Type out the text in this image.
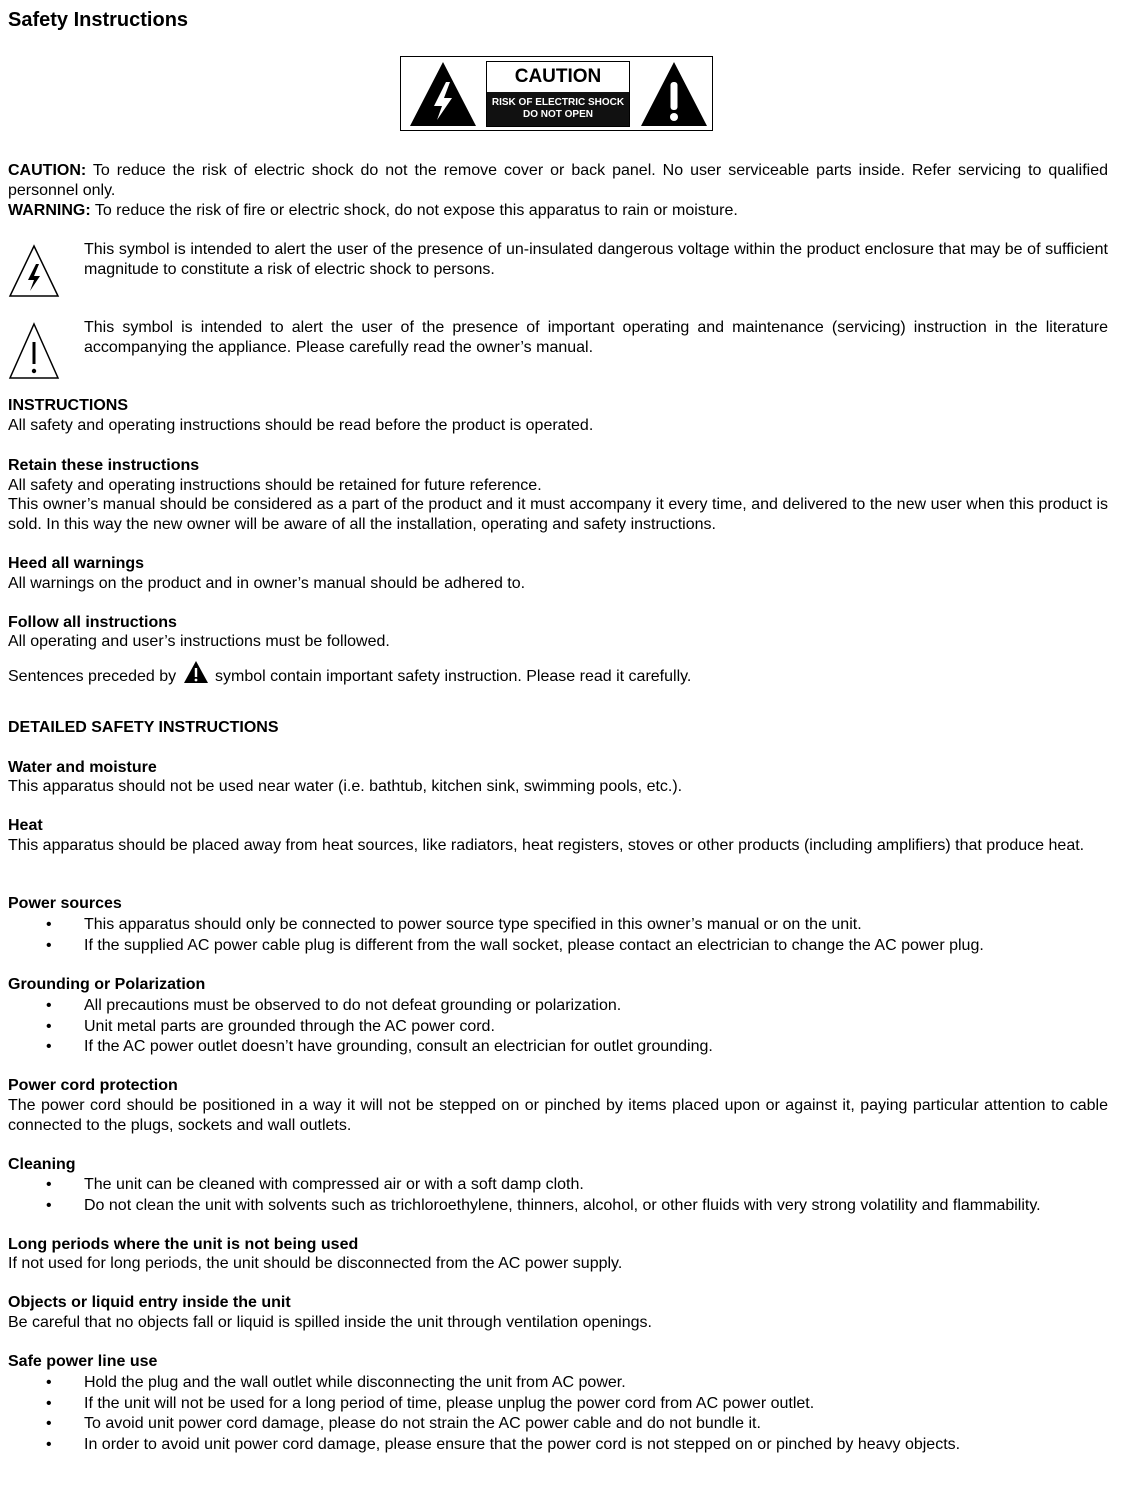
Safety Instructions
CAUTION
RISK OF ELECTRIC SHOCK
DO NOT OPEN
CAUTION: To reduce the risk of electric shock do not the remove cover or back panel. No user serviceable parts inside. Refer servicing to qualified personnel only.
WARNING: To reduce the risk of fire or electric shock, do not expose this apparatus to rain or moisture.
This symbol is intended to alert the user of the presence of un-insulated dangerous voltage within the product enclosure that may be of sufficient magnitude to constitute a risk of electric shock to persons.
This symbol is intended to alert the user of the presence of important operating and maintenance (servicing) instruction in the literature accompanying the appliance. Please carefully read the owner’s manual.
INSTRUCTIONS
All safety and operating instructions should be read before the product is operated.
Retain these instructions
All safety and operating instructions should be retained for future reference.
This owner’s manual should be considered as a part of the product and it must accompany it every time, and delivered to the new user when this product is sold. In this way the new owner will be aware of all the installation, operating and safety instructions.
Heed all warnings
All warnings on the product and in owner’s manual should be adhered to.
Follow all instructions
All operating and user’s instructions must be followed.
Sentences preceded by  symbol contain important safety instruction. Please read it carefully.
DETAILED SAFETY INSTRUCTIONS
Water and moisture
This apparatus should not be used near water (i.e. bathtub, kitchen sink, swimming pools, etc.).
Heat
This apparatus should be placed away from heat sources, like radiators, heat registers, stoves or other products (including amplifiers) that produce heat.
Power sources
• This apparatus should only be connected to power source type specified in this owner’s manual or on the unit.
• If the supplied AC power cable plug is different from the wall socket, please contact an electrician to change the AC power plug.
Grounding or Polarization
• All precautions must be observed to do not defeat grounding or polarization.
• Unit metal parts are grounded through the AC power cord.
• If the AC power outlet doesn’t have grounding, consult an electrician for outlet grounding.
Power cord protection
The power cord should be positioned in a way it will not be stepped on or pinched by items placed upon or against it, paying particular attention to cable connected to the plugs, sockets and wall outlets.
Cleaning
• The unit can be cleaned with compressed air or with a soft damp cloth.
• Do not clean the unit with solvents such as trichloroethylene, thinners, alcohol, or other fluids with very strong volatility and flammability.
Long periods where the unit is not being used
If not used for long periods, the unit should be disconnected from the AC power supply.
Objects or liquid entry inside the unit
Be careful that no objects fall or liquid is spilled inside the unit through ventilation openings.
Safe power line use
• Hold the plug and the wall outlet while disconnecting the unit from AC power.
• If the unit will not be used for a long period of time, please unplug the power cord from AC power outlet.
• To avoid unit power cord damage, please do not strain the AC power cable and do not bundle it.
• In order to avoid unit power cord damage, please ensure that the power cord is not stepped on or pinched by heavy objects.
